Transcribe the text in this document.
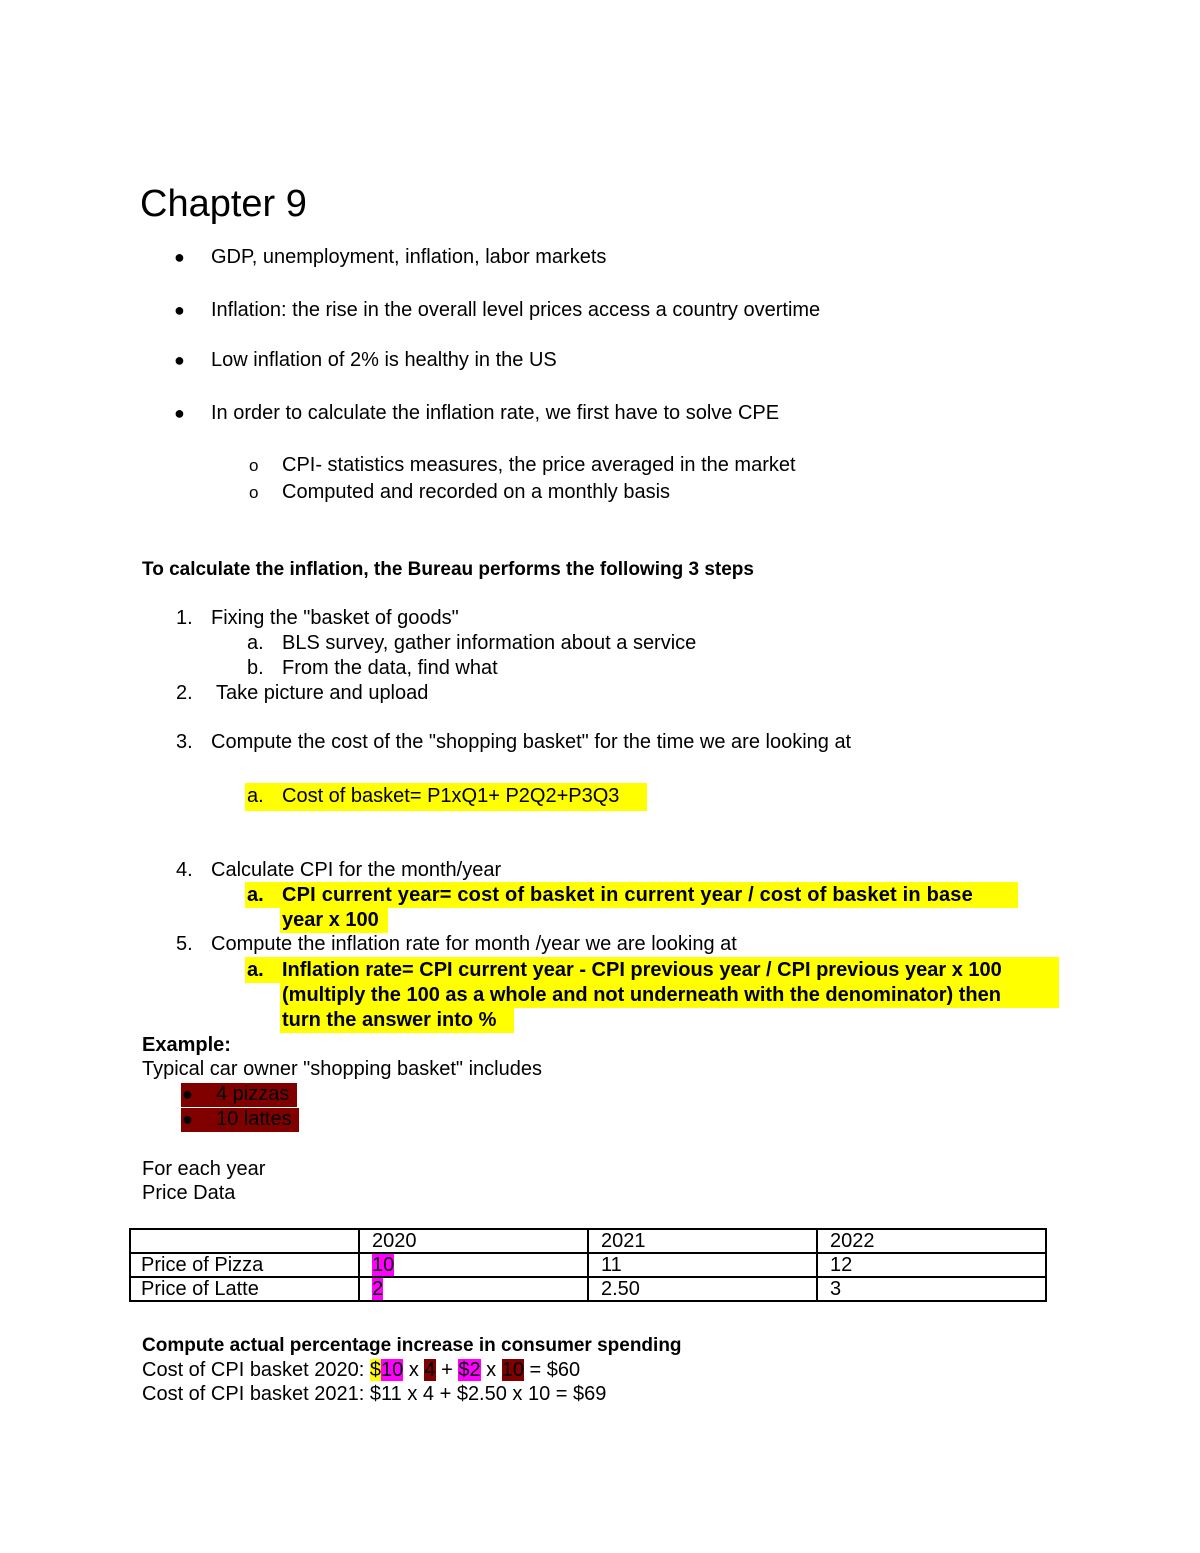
Chapter 9
● GDP, unemployment, inflation, labor markets
● Inflation: the rise in the overall level prices access a country overtime
● Low inflation of 2% is healthy in the US
● In order to calculate the inflation rate, we first have to solve CPE
o CPI- statistics measures, the price averaged in the market
o Computed and recorded on a monthly basis
To calculate the inflation, the Bureau performs the following 3 steps
1. Fixing the "basket of goods"
a. BLS survey, gather information about a service
b. From the data, find what
2. Take picture and upload
3. Compute the cost of the "shopping basket" for the time we are looking at
a. Cost of basket= P1xQ1+ P2Q2+P3Q3
4. Calculate CPI for the month/year
a. CPI current year= cost of basket in current year / cost of basket in base
year x 100
5. Compute the inflation rate for month /year we are looking at
a. Inflation rate= CPI current year - CPI previous year / CPI previous year x 100
(multiply the 100 as a whole and not underneath with the denominator) then
turn the answer into %
Example:
Typical car owner "shopping basket" includes
● 4 pizzas
● 10 lattes
For each year
Price Data
	2020	2021	2022
Price of Pizza	10	11	12
Price of Latte	2	2.50	3
Compute actual percentage increase in consumer spending
Cost of CPI basket 2020: $10 x 4 + $2 x 10 = $60
Cost of CPI basket 2021: $11 x 4 + $2.50 x 10 = $69
